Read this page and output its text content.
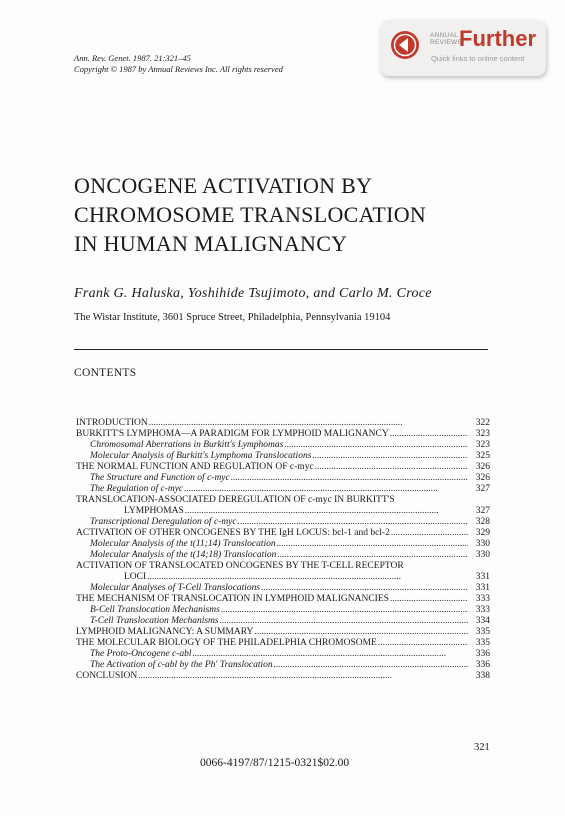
Ann. Rev. Genet. 1987. 21:321–45
Copyright © 1987 by Annual Reviews Inc. All rights reserved
ANNUAL REVIEWS
Further
Quick links to online content
ONCOGENE ACTIVATION BY
CHROMOSOME TRANSLOCATION
IN HUMAN MALIGNANCY
Frank G. Haluska, Yoshihide Tsujimoto, and Carlo M. Croce
The Wistar Institute, 3601 Spruce Street, Philadelphia, Pennsylvania 19104
CONTENTS
INTRODUCTION . . .	322
BURKITT'S LYMPHOMA—A PARADIGM FOR LYMPHOID MALIGNANCY . . .	323
Chromosomal Aberrations in Burkitt's Lymphomas . . .	323
Molecular Analysis of Burkitt's Lymphoma Translocations . . .	325
THE NORMAL FUNCTION AND REGULATION OF c-myc . . .	326
The Structure and Function of c-myc . . .	326
The Regulation of c-myc . . .	327
TRANSLOCATION-ASSOCIATED DEREGULATION OF c-myc IN BURKITT'S
LYMPHOMAS . . .	327
Transcriptional Deregulation of c-myc . . .	328
ACTIVATION OF OTHER ONCOGENES BY THE IgH LOCUS: bcl-1 and bcl-2 . . .	329
Molecular Analysis of the t(11;14) Translocation . . .	330
Molecular Analysis of the t(14;18) Translocation . . .	330
ACTIVATION OF TRANSLOCATED ONCOGENES BY THE T-CELL RECEPTOR
LOCI . . .	331
Molecular Analyses of T-Cell Translocations . . .	331
THE MECHANISM OF TRANSLOCATION IN LYMPHOID MALIGNANCIES . . .	333
B-Cell Translocation Mechanisms . . .	333
T-Cell Translocation Mechanisms . . .	334
LYMPHOID MALIGNANCY: A SUMMARY . . .	335
THE MOLECULAR BIOLOGY OF THE PHILADELPHIA CHROMOSOME . . .	335
The Proto-Oncogene c-abl . . .	336
The Activation of c-abl by the Ph' Translocation . . .	336
CONCLUSION . . .	338
321
0066-4197/87/1215-0321$02.00
